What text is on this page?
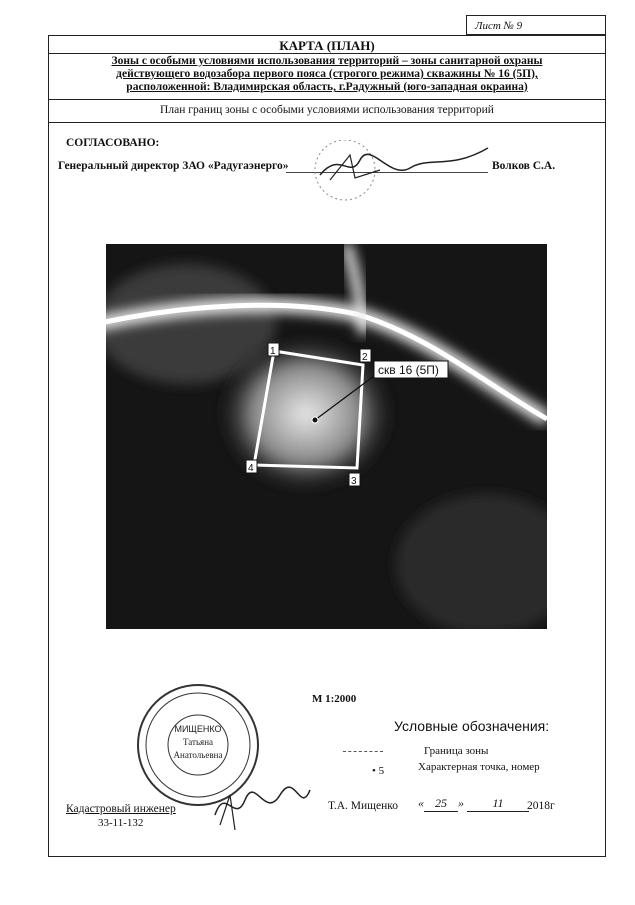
Лист № 9
КАРТА (ПЛАН)
Зоны с особыми условиями использования территорий – зоны санитарной охраны
действующего водозабора первого пояса (строгого режима) скважины № 16 (5П),
расположенной: Владимирская область, г.Радужный (юго-западная окраина)
План границ зоны с особыми условиями использования территорий
СОГЛАСОВАНО:
Генеральный директор ЗАО «Радугаэнерго»	Волков С.А.
скв 16 (5П)
1
2
3
4
МИЩЕНКО
Татьяна
Анатольевна
М 1:2000
Условные обозначения:
Граница зоны
• 5	Характерная точка, номер
Кадастровый инженер
33-11-132
Т.А. Мищенко « 25 » 11	2018г
